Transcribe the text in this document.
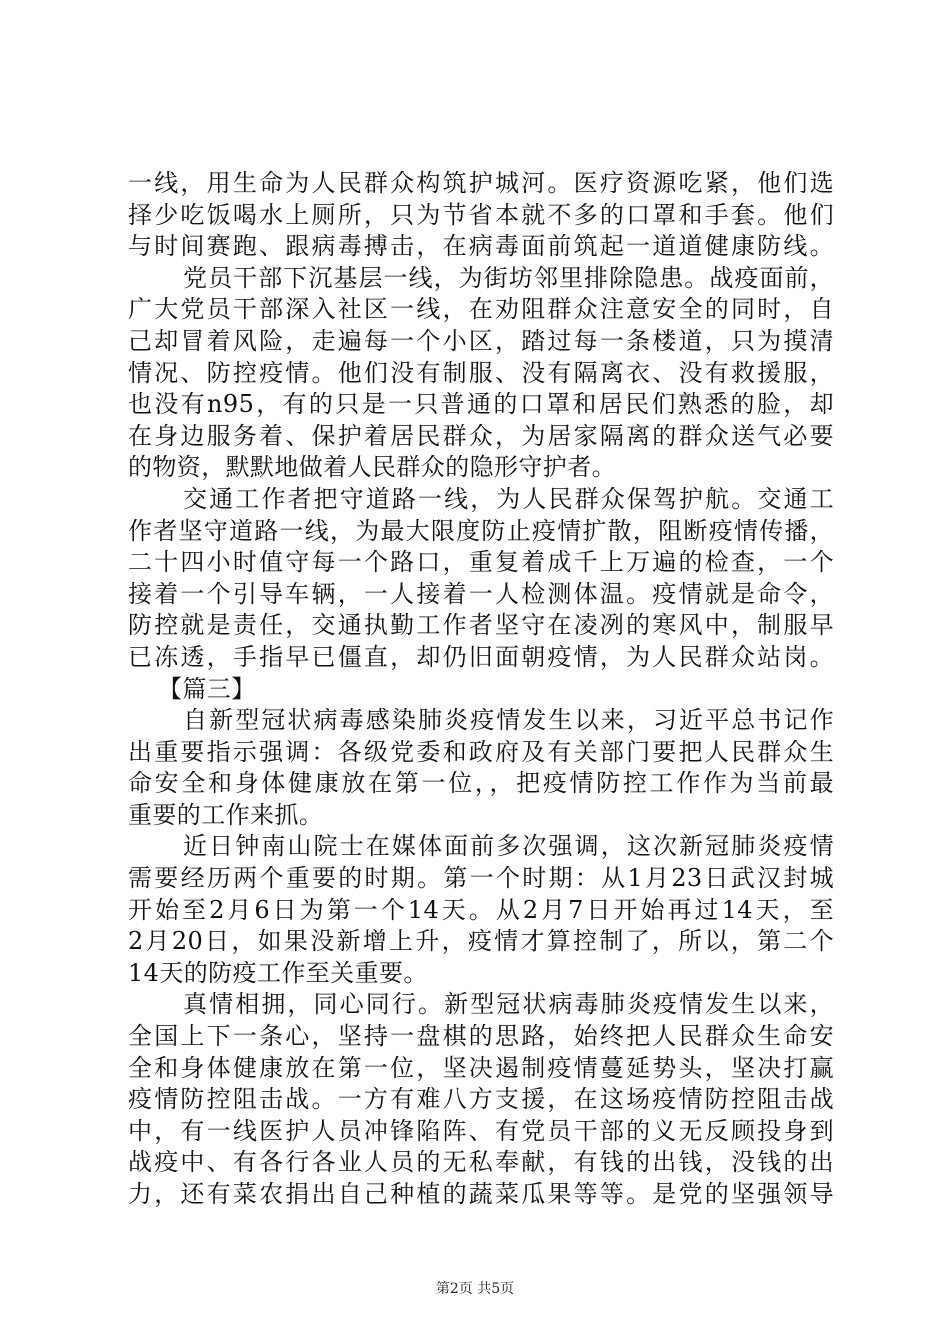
一线，用生命为人民群众构筑护城河。医疗资源吃紧，他们选
择少吃饭喝水上厕所，只为节省本就不多的口罩和手套。他们
与时间赛跑、跟病毒搏击，在病毒面前筑起一道道健康防线。
党员干部下沉基层一线，为街坊邻里排除隐患。战疫面前，
广大党员干部深入社区一线，在劝阻群众注意安全的同时，自
己却冒着风险，走遍每一个小区，踏过每一条楼道，只为摸清
情况、防控疫情。他们没有制服、没有隔离衣、没有救援服，
也没有n95，有的只是一只普通的口罩和居民们熟悉的脸，却
在身边服务着、保护着居民群众，为居家隔离的群众送气必要
的物资，默默地做着人民群众的隐形守护者。
交通工作者把守道路一线，为人民群众保驾护航。交通工
作者坚守道路一线，为最大限度防止疫情扩散，阻断疫情传播，
二十四小时值守每一个路口，重复着成千上万遍的检查，一个
接着一个引导车辆，一人接着一人检测体温。疫情就是命令，
防控就是责任，交通执勤工作者坚守在凌冽的寒风中，制服早
已冻透，手指早已僵直，却仍旧面朝疫情，为人民群众站岗。
【篇三】
自新型冠状病毒感染肺炎疫情发生以来，习近平总书记作
出重要指示强调：各级党委和政府及有关部门要把人民群众生
命安全和身体健康放在第一位，，把疫情防控工作作为当前最
重要的工作来抓。
近日钟南山院士在媒体面前多次强调，这次新冠肺炎疫情
需要经历两个重要的时期。第一个时期：从1月23日武汉封城
开始至2月6日为第一个14天。从2月7日开始再过14天，至
2月20日，如果没新增上升，疫情才算控制了，所以，第二个
14天的防疫工作至关重要。
真情相拥，同心同行。新型冠状病毒肺炎疫情发生以来，
全国上下一条心，坚持一盘棋的思路，始终把人民群众生命安
全和身体健康放在第一位，坚决遏制疫情蔓延势头，坚决打赢
疫情防控阻击战。一方有难八方支援，在这场疫情防控阻击战
中，有一线医护人员冲锋陷阵、有党员干部的义无反顾投身到
战疫中、有各行各业人员的无私奉献，有钱的出钱，没钱的出
力，还有菜农捐出自己种植的蔬菜瓜果等等。是党的坚强领导
第2页 共5页
